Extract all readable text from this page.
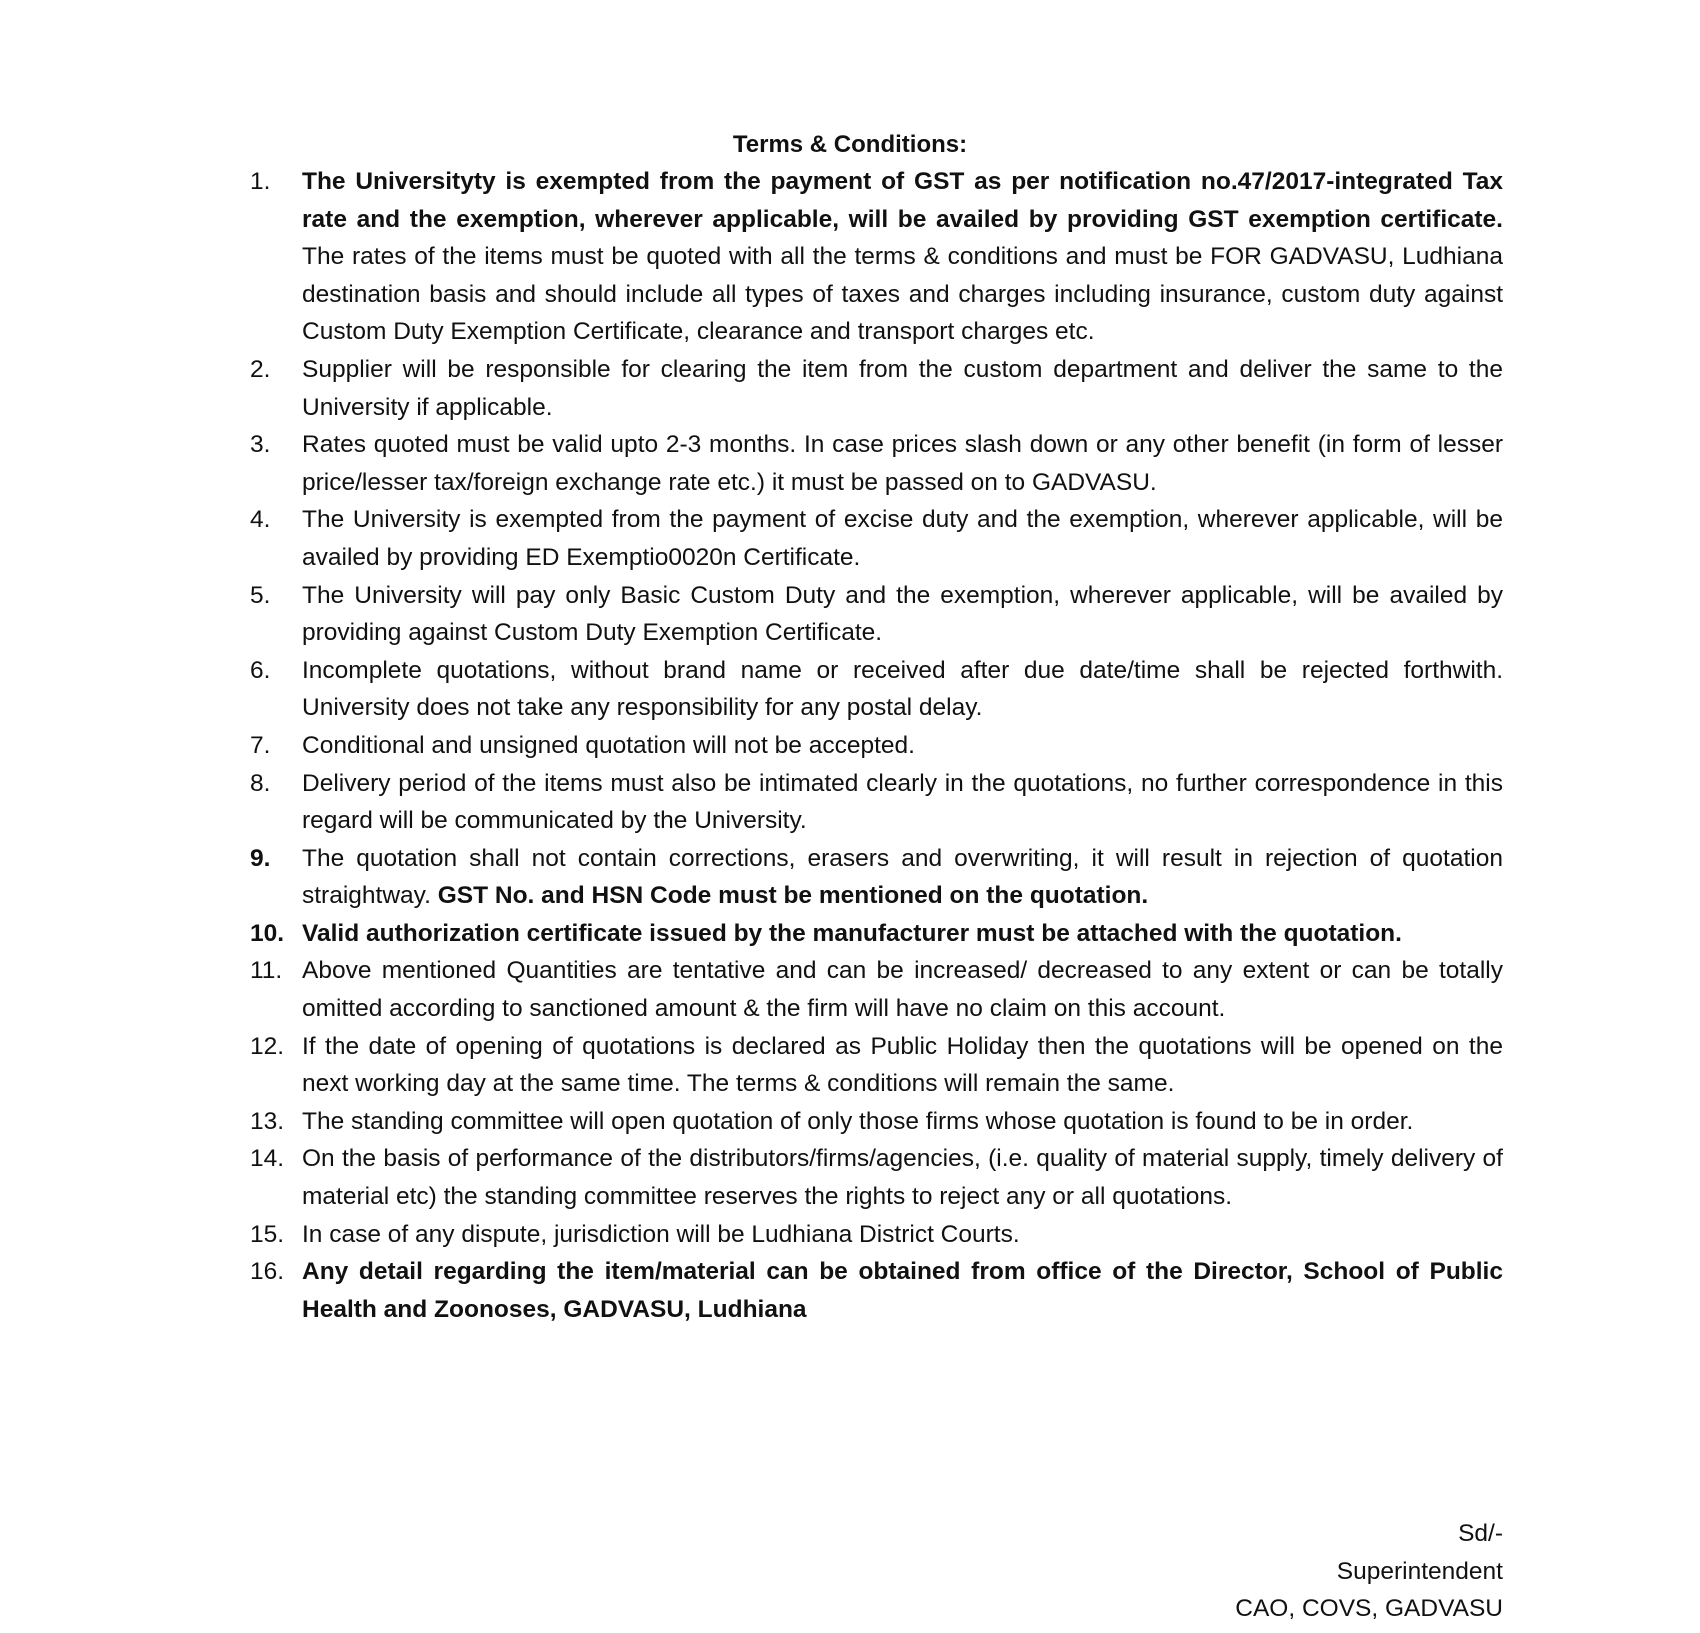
Terms & Conditions:
1.	The Universityty is exempted from the payment of GST as per notification no.47/2017-integrated Tax rate and the exemption, wherever applicable, will be availed by providing GST exemption certificate. The rates of the items must be quoted with all the terms & conditions and must be FOR GADVASU, Ludhiana destination basis and should include all types of taxes and charges including insurance, custom duty against Custom Duty Exemption Certificate, clearance and transport charges etc.
2.	Supplier will be responsible for clearing the item from the custom department and deliver the same to the University if applicable.
3.	Rates quoted must be valid upto 2-3 months. In case prices slash down or any other benefit (in form of lesser price/lesser tax/foreign exchange rate etc.) it must be passed on to GADVASU.
4.	The University is exempted from the payment of excise duty and the exemption, wherever applicable, will be availed by providing ED Exemptio0020n Certificate.
5.	The University will pay only Basic Custom Duty and the exemption, wherever applicable, will be availed by providing against Custom Duty Exemption Certificate.
6.	Incomplete quotations, without brand name or received after due date/time shall be rejected forthwith. University does not take any responsibility for any postal delay.
7.	Conditional and unsigned quotation will not be accepted.
8.	Delivery period of the items must also be intimated clearly in the quotations, no further correspondence in this regard will be communicated by the University.
9.	The quotation shall not contain corrections, erasers and overwriting, it will result in rejection of quotation straightway. GST No. and HSN Code must be mentioned on the quotation.
10. Valid authorization certificate issued by the manufacturer must be attached with the quotation.
11. Above mentioned Quantities are tentative and can be increased/ decreased to any extent or can be totally omitted according to sanctioned amount & the firm will have no claim on this account.
12. If the date of opening of quotations is declared as Public Holiday then the quotations will be opened on the next working day at the same time. The terms & conditions will remain the same.
13. The standing committee will open quotation of only those firms whose quotation is found to be in order.
14. On the basis of performance of the distributors/firms/agencies, (i.e. quality of material supply, timely delivery of material etc) the standing committee reserves the rights to reject any or all quotations.
15. In case of any dispute, jurisdiction will be Ludhiana District Courts.
16. Any detail regarding the item/material can be obtained from office of the Director, School of Public Health and Zoonoses, GADVASU, Ludhiana
Sd/-
Superintendent
CAO, COVS, GADVASU
